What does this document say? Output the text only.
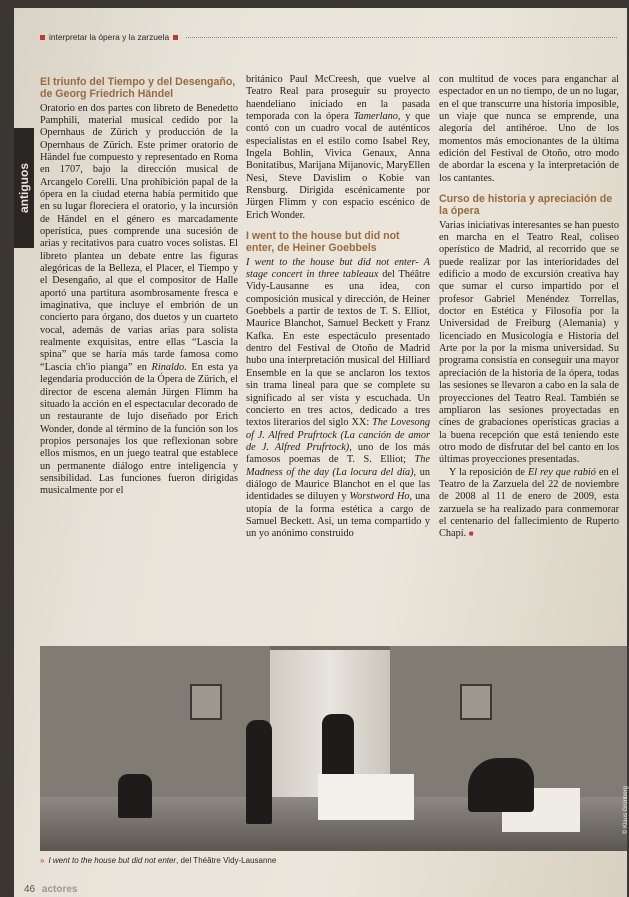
antiguos
interpretar la ópera y la zarzuela
El triunfo del Tiempo y del Desengaño, de Georg Friedrich Händel

Oratorio en dos partes con libreto de Benedetto Pamphili, material musical cedido por la Opernhaus de Zürich y producción de la Opernhaus de Zürich. Este primer oratorio de Händel fue compuesto y representado en Roma en 1707, bajo la dirección musical de Arcangelo Corelli. Una prohibición papal de la ópera en la ciudad eterna había permitido que en su lugar floreciera el oratorio, y la incursión de Händel en el género es marcadamente operística, pues comprende una sucesión de arias y recitativos para cuatro voces solistas. El libreto plantea un debate entre las figuras alegóricas de la Belleza, el Placer, el Tiempo y el Desengaño, al que el compositor de Halle aportó una partitura asombrosamente fresca e imaginativa, que incluye el embrión de un concierto para órgano, dos duetos y un cuarteto vocal, además de varias arias para solista realmente exquisitas, entre ellas “Lascia la spina” que se haría más tarde famosa como “Lascia ch'io pianga” en Rinaldo. En esta ya legendaria producción de la Ópera de Zürich, el director de escena alemán Jürgen Flimm ha situado la acción en el espectacular decorado de un restaurante de lujo diseñado por Erich Wonder, donde al término de la función son los propios personajes los que reflexionan sobre ellos mismos, en un juego teatral que establece un permanente diálogo entre inteligencia y sensibilidad. Las funciones fueron dirigidas musicalmente por el

británico Paul McCreesh, que vuelve al Teatro Real para proseguir su proyecto haendeliano iniciado en la pasada temporada con la ópera Tamerlano, y que contó con un cuadro vocal de auténticos especialistas en el estilo como Isabel Rey, Ingela Bohlin, Vivica Genaux, Anna Bonitatibus, Marijana Mijanovic, MaryEllen Nesi, Steve Davislim o Kobie van Rensburg. Dirigida escénicamente por Jürgen Flimm y con espacio escénico de Erich Wonder.

I went to the house but did not enter, de Heiner Goebbels

I went to the house but did not enter- A stage concert in three tableaux del Théâtre Vidy-Lausanne es una idea, con composición musical y dirección, de Heiner Goebbels a partir de textos de T. S. Elliot, Maurice Blanchot, Samuel Beckett y Franz Kafka. En este espectáculo presentado dentro del Festival de Otoño de Madrid hubo una interpretación musical del Hilliard Ensemble en la que se anclaron los textos sin trama lineal para que se complete su significado al ser vista y escuchada. Un concierto en tres actos, dedicado a tres textos literarios del siglo XX: The Lovesong of J. Alfred Prufrtock (La canción de amor de J. Alfred Prufrtock), uno de los más famosos poemas de T. S. Elliot; The Madness of the day (La locura del día), un diálogo de Maurice Blanchot en el que las identidades se diluyen y Worstword Ho, una utopía de la forma estética a cargo de Samuel Beckett. Así, un tema compartido y un yo anónimo construido

con multitud de voces para enganchar al espectador en un no tiempo, de un no lugar, en el que transcurre una historia imposible, un viaje que nunca se emprende, una alegoría del antihéroe. Uno de los momentos más emocionantes de la última edición del Festival de Otoño, otro modo de abordar la escena y la interpretación de los cantantes.

Curso de historia y apreciación de la ópera

Varias iniciativas interesantes se han puesto en marcha en el Teatro Real, coliseo operístico de Madrid, al recorrido que se puede realizar por las interioridades del edificio a modo de excursión creativa hay que sumar el curso impartido por el profesor Gabriel Menéndez Torrellas, doctor en Estética y Filosofía por la Universidad de Freiburg (Alemania) y licenciado en Musicología e Historia del Arte por la por la misma universidad. Su programa consistía en conseguir una mayor apreciación de la historia de la ópera, todas las sesiones se llevaron a cabo en la sala de proyecciones del Teatro Real. También se ampliaron las sesiones proyectadas en cines de grabaciones operísticas gracias a la buena recepción que está teniendo este otro modo de disfrutar del bel canto en los últimas proyecciones presentadas.

Y la reposición de El rey que rabió en el Teatro de la Zarzuela del 22 de noviembre de 2008 al 11 de enero de 2009, esta zarzuela se ha realizado para conmemorar el centenario del fallecimiento de Ruperto Chapí. ■

© Klaus Grünberg
» I went to the house but did not enter, del Théâtre Vidy-Lausanne
46 actores
